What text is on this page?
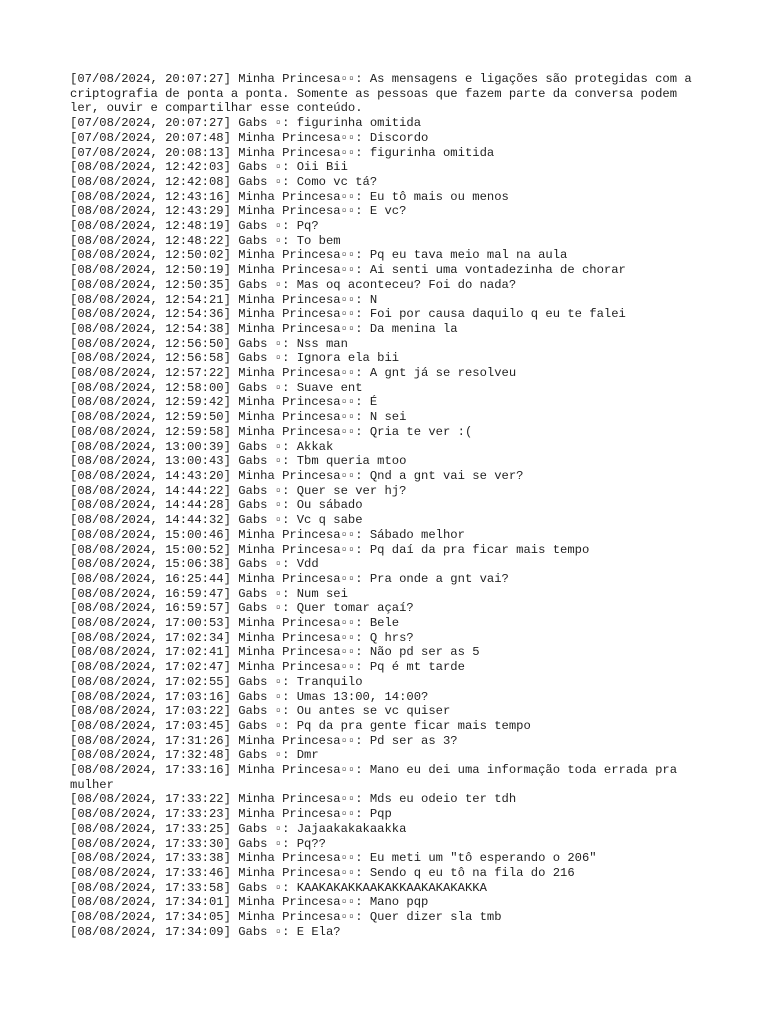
[07/08/2024, 20:07:27] Minha Princesa▫▫: As mensagens e ligações são protegidas com a criptografia de ponta a ponta. Somente as pessoas que fazem parte da conversa podem ler, ouvir e compartilhar esse conteúdo.
[07/08/2024, 20:07:27] Gabs ▫: figurinha omitida
[07/08/2024, 20:07:48] Minha Princesa▫▫: Discordo
[07/08/2024, 20:08:13] Minha Princesa▫▫: figurinha omitida
[08/08/2024, 12:42:03] Gabs ▫: Oii Bii
[08/08/2024, 12:42:08] Gabs ▫: Como vc tá?
[08/08/2024, 12:43:16] Minha Princesa▫▫: Eu tô mais ou menos
[08/08/2024, 12:43:29] Minha Princesa▫▫: E vc?
[08/08/2024, 12:48:19] Gabs ▫: Pq?
[08/08/2024, 12:48:22] Gabs ▫: To bem
[08/08/2024, 12:50:02] Minha Princesa▫▫: Pq eu tava meio mal na aula
[08/08/2024, 12:50:19] Minha Princesa▫▫: Ai senti uma vontadezinha de chorar
[08/08/2024, 12:50:35] Gabs ▫: Mas oq aconteceu? Foi do nada?
[08/08/2024, 12:54:21] Minha Princesa▫▫: N
[08/08/2024, 12:54:36] Minha Princesa▫▫: Foi por causa daquilo q eu te falei
[08/08/2024, 12:54:38] Minha Princesa▫▫: Da menina la
[08/08/2024, 12:56:50] Gabs ▫: Nss man
[08/08/2024, 12:56:58] Gabs ▫: Ignora ela bii
[08/08/2024, 12:57:22] Minha Princesa▫▫: A gnt já se resolveu
[08/08/2024, 12:58:00] Gabs ▫: Suave ent
[08/08/2024, 12:59:42] Minha Princesa▫▫: É
[08/08/2024, 12:59:50] Minha Princesa▫▫: N sei
[08/08/2024, 12:59:58] Minha Princesa▫▫: Qria te ver :(
[08/08/2024, 13:00:39] Gabs ▫: Akkak
[08/08/2024, 13:00:43] Gabs ▫: Tbm queria mtoo
[08/08/2024, 14:43:20] Minha Princesa▫▫: Qnd a gnt vai se ver?
[08/08/2024, 14:44:22] Gabs ▫: Quer se ver hj?
[08/08/2024, 14:44:28] Gabs ▫: Ou sábado
[08/08/2024, 14:44:32] Gabs ▫: Vc q sabe
[08/08/2024, 15:00:46] Minha Princesa▫▫: Sábado melhor
[08/08/2024, 15:00:52] Minha Princesa▫▫: Pq daí da pra ficar mais tempo
[08/08/2024, 15:06:38] Gabs ▫: Vdd
[08/08/2024, 16:25:44] Minha Princesa▫▫: Pra onde a gnt vai?
[08/08/2024, 16:59:47] Gabs ▫: Num sei
[08/08/2024, 16:59:57] Gabs ▫: Quer tomar açaí?
[08/08/2024, 17:00:53] Minha Princesa▫▫: Bele
[08/08/2024, 17:02:34] Minha Princesa▫▫: Q hrs?
[08/08/2024, 17:02:41] Minha Princesa▫▫: Não pd ser as 5
[08/08/2024, 17:02:47] Minha Princesa▫▫: Pq é mt tarde
[08/08/2024, 17:02:55] Gabs ▫: Tranquilo
[08/08/2024, 17:03:16] Gabs ▫: Umas 13:00, 14:00?
[08/08/2024, 17:03:22] Gabs ▫: Ou antes se vc quiser
[08/08/2024, 17:03:45] Gabs ▫: Pq da pra gente ficar mais tempo
[08/08/2024, 17:31:26] Minha Princesa▫▫: Pd ser as 3?
[08/08/2024, 17:32:48] Gabs ▫: Dmr
[08/08/2024, 17:33:16] Minha Princesa▫▫: Mano eu dei uma informação toda errada pra mulher
[08/08/2024, 17:33:22] Minha Princesa▫▫: Mds eu odeio ter tdh
[08/08/2024, 17:33:23] Minha Princesa▫▫: Pqp
[08/08/2024, 17:33:25] Gabs ▫: Jajaakakakaakka
[08/08/2024, 17:33:30] Gabs ▫: Pq??
[08/08/2024, 17:33:38] Minha Princesa▫▫: Eu meti um "tô esperando o 206"
[08/08/2024, 17:33:46] Minha Princesa▫▫: Sendo q eu tô na fila do 216
[08/08/2024, 17:33:58] Gabs ▫: KAAKAKAKKAAKAKKAAKAKAKAKKA
[08/08/2024, 17:34:01] Minha Princesa▫▫: Mano pqp
[08/08/2024, 17:34:05] Minha Princesa▫▫: Quer dizer sla tmb
[08/08/2024, 17:34:09] Gabs ▫: E Ela?
